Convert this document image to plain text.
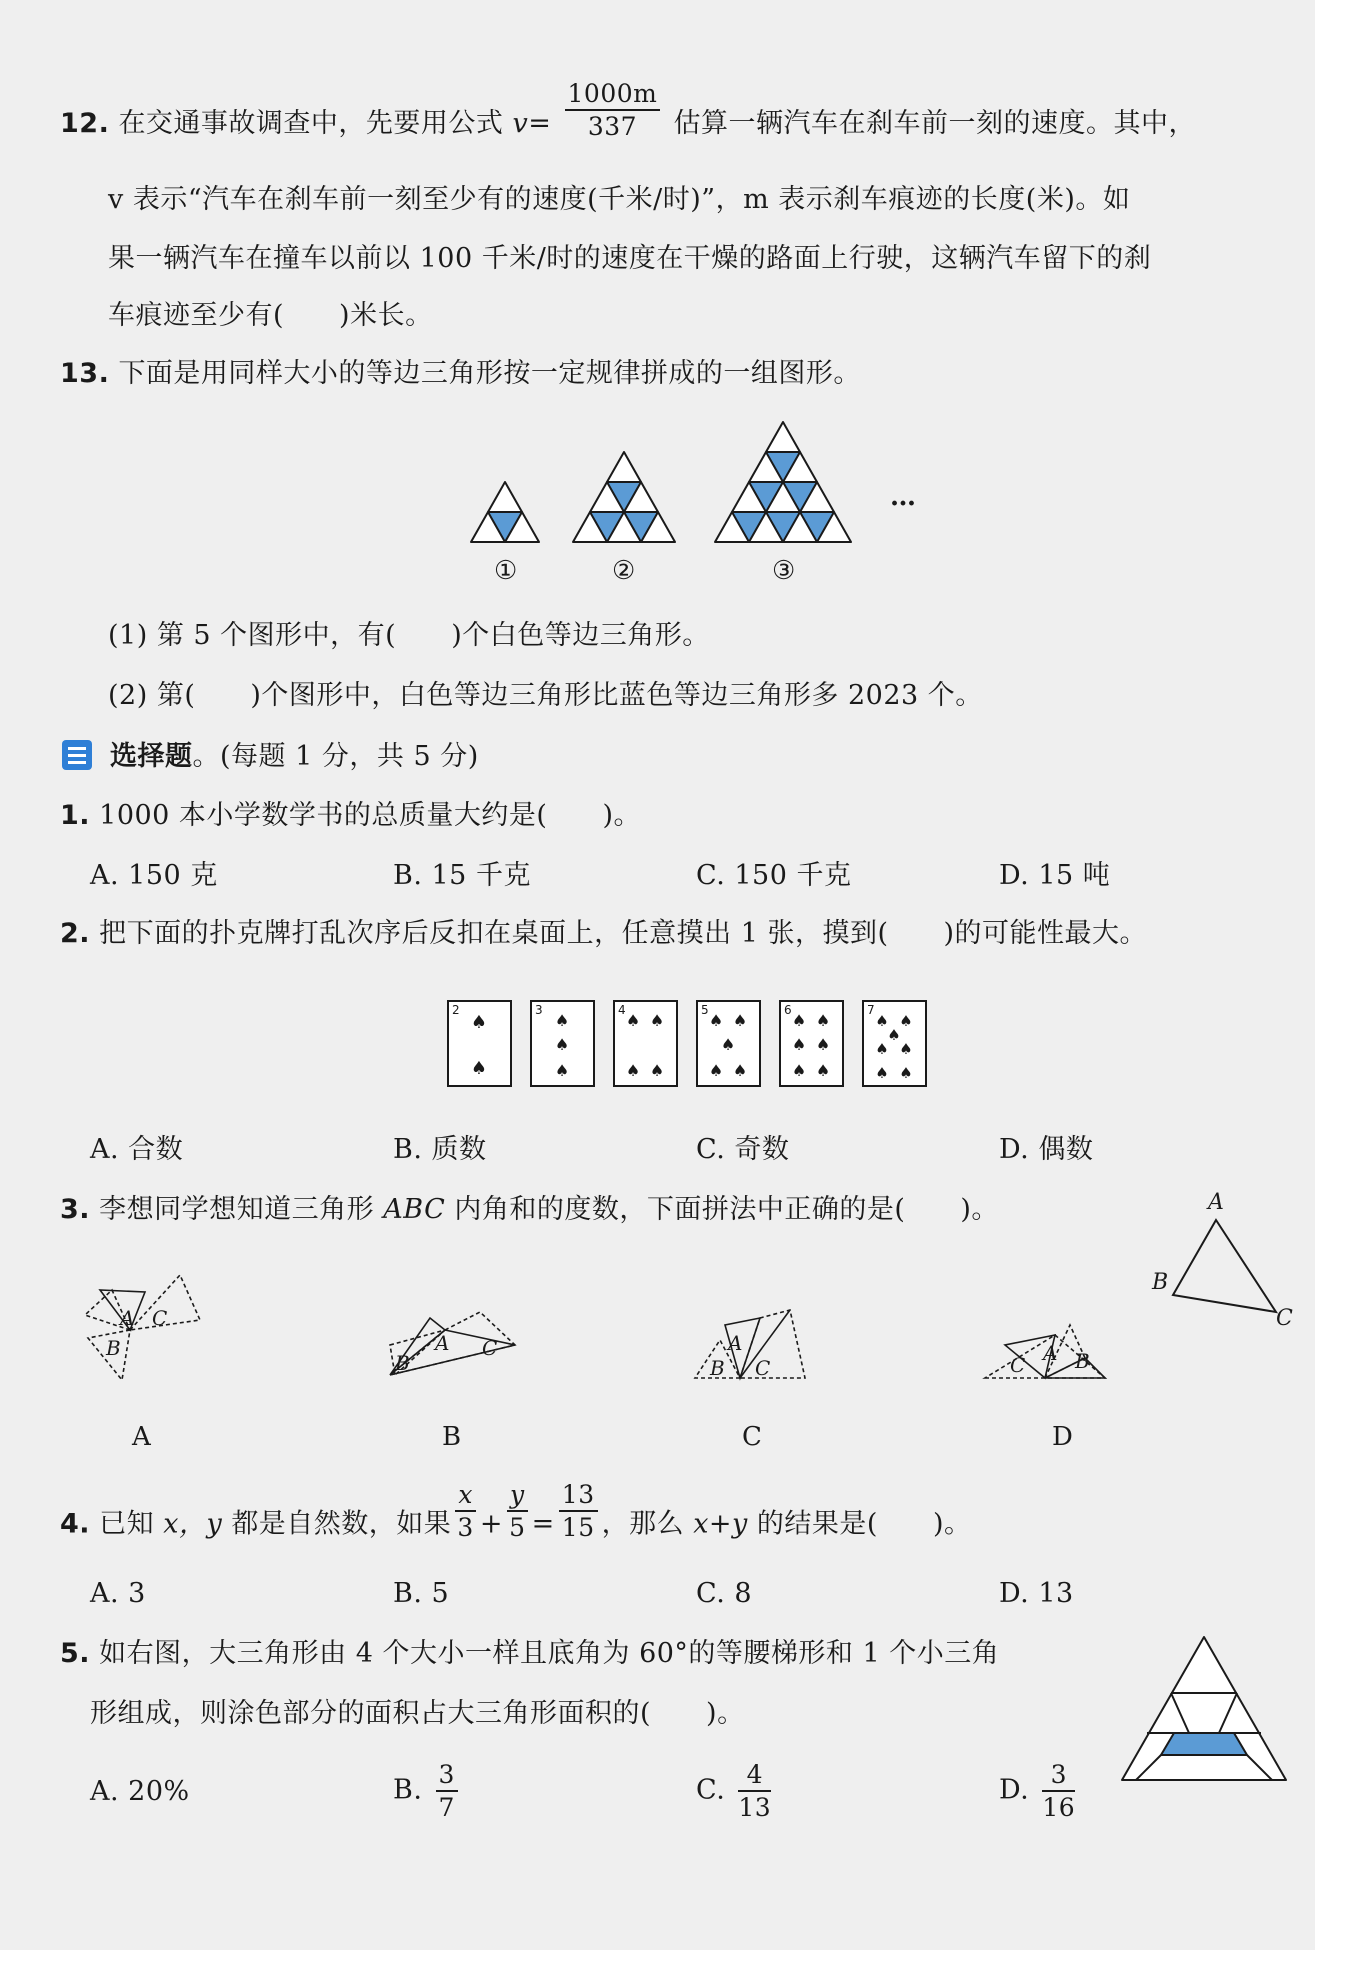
12. 在交通事故调查中，先要用公式 $v= \frac{1000m}{337}$ 估算一辆汽车在刹车前一刻的速度。其中，
v 表示“汽车在刹车前一刻至少有的速度(千米/时)”，m 表示刹车痕迹的长度(米)。如
果一辆汽车在撞车以前以 100 千米/时的速度在干燥的路面上行驶，这辆汽车留下的刹
车痕迹至少有(　　)米长。
13. 下面是用同样大小的等边三角形按一定规律拼成的一组图形。
①	②	③
…
(1) 第 5 个图形中，有(　　)个白色等边三角形。
(2) 第(　　)个图形中，白色等边三角形比蓝色等边三角形多 2023 个。
选择题。(每题 1 分，共 5 分)
1. 1000 本小学数学书的总质量大约是(　　)。
A. 150 克	B. 15 千克	C. 150 千克	D. 15 吨
2. 把下面的扑克牌打乱次序后反扣在桌面上，任意摸出 1 张，摸到(　　)的可能性最大。
2
♠
♠
3
♠
♠
♠
4
♠ ♠
♠ ♠
5
♠ ♠
♠
♠ ♠
6
♠ ♠
♠ ♠
♠ ♠
7
♠ ♠
♠
♠ ♠
♠ ♠
A. 合数	B. 质数	C. 奇数	D. 偶数
3. 李想同学想知道三角形 ABC 内角和的度数，下面拼法中正确的是(　　)。	A
B
C
A C
B
B
A C	A
B C	C A B
A	B	C	D
4. 已知 x，y 都是自然数，如果 $\frac{x}{3} + \frac{y}{5} = \frac{13}{15}$ ，那么 x+y 的结果是(　　)。
A. 3	B. 5	C. 8	D. 13
5. 如右图，大三角形由 4 个大小一样且底角为 60°的等腰梯形和 1 个小三角
形组成，则涂色部分的面积占大三角形面积的(　　)。
A. 20%	B. $\frac{3}{7}$	C. $\frac{4}{13}$	D. $\frac{3}{16}$
